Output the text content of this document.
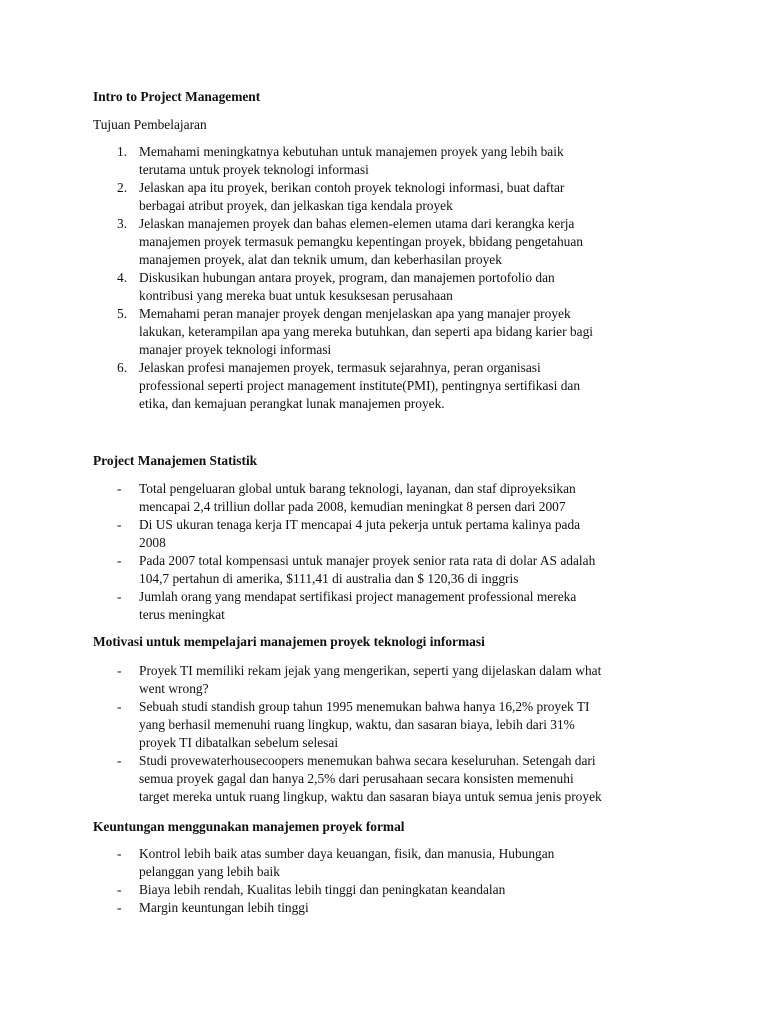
Intro to Project Management
Tujuan Pembelajaran
1. Memahami meningkatnya kebutuhan untuk manajemen proyek yang lebih baik
terutama untuk proyek teknologi informasi
2. Jelaskan apa itu proyek, berikan contoh proyek teknologi informasi, buat daftar
berbagai atribut proyek, dan jelkaskan tiga kendala proyek
3. Jelaskan manajemen proyek dan bahas elemen-elemen utama dari kerangka kerja
manajemen proyek termasuk pemangku kepentingan proyek, bbidang pengetahuan
manajemen proyek, alat dan teknik umum, dan keberhasilan proyek
4. Diskusikan hubungan antara proyek, program, dan manajemen portofolio dan
kontribusi yang mereka buat untuk kesuksesan perusahaan
5. Memahami peran manajer proyek dengan menjelaskan apa yang manajer proyek
lakukan, keterampilan apa yang mereka butuhkan, dan seperti apa bidang karier bagi
manajer proyek teknologi informasi
6. Jelaskan profesi manajemen proyek, termasuk sejarahnya, peran organisasi
professional seperti project management institute(PMI), pentingnya sertifikasi dan
etika, dan kemajuan perangkat lunak manajemen proyek.
Project Manajemen Statistik
- Total pengeluaran global untuk barang teknologi, layanan, dan staf diproyeksikan
mencapai 2,4 trilliun dollar pada 2008, kemudian meningkat 8 persen dari 2007
- Di US ukuran tenaga kerja IT mencapai 4 juta pekerja untuk pertama kalinya pada
2008
- Pada 2007 total kompensasi untuk manajer proyek senior rata rata di dolar AS adalah
104,7 pertahun di amerika, $111,41 di australia dan $ 120,36 di inggris
- Jumlah orang yang mendapat sertifikasi project management professional mereka
terus meningkat
Motivasi untuk mempelajari manajemen proyek teknologi informasi
- Proyek TI memiliki rekam jejak yang mengerikan, seperti yang dijelaskan dalam what
went wrong?
- Sebuah studi standish group tahun 1995 menemukan bahwa hanya 16,2% proyek TI
yang berhasil memenuhi ruang lingkup, waktu, dan sasaran biaya, lebih dari 31%
proyek TI dibatalkan sebelum selesai
- Studi provewaterhousecoopers menemukan bahwa secara keseluruhan. Setengah dari
semua proyek gagal dan hanya 2,5% dari perusahaan secara konsisten memenuhi
target mereka untuk ruang lingkup, waktu dan sasaran biaya untuk semua jenis proyek
Keuntungan menggunakan manajemen proyek formal
- Kontrol lebih baik atas sumber daya keuangan, fisik, dan manusia, Hubungan
pelanggan yang lebih baik
- Biaya lebih rendah, Kualitas lebih tinggi dan peningkatan keandalan
- Margin keuntungan lebih tinggi
